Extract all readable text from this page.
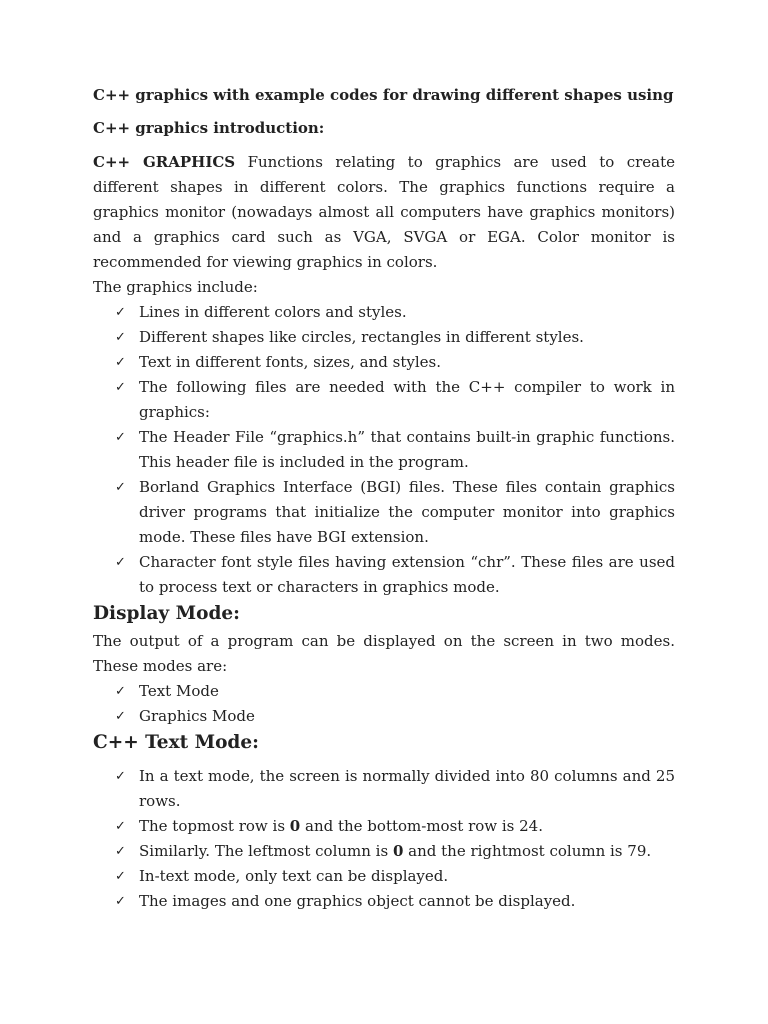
C++ graphics with example codes for drawing different shapes using
C++ graphics introduction:

C++ GRAPHICS Functions relating to graphics are used to create different shapes in different colors. The graphics functions require a graphics monitor (nowadays almost all computers have graphics monitors) and a graphics card such as VGA, SVGA or EGA. Color monitor is recommended for viewing graphics in colors.

The graphics include:

✓ Lines in different colors and styles.
✓ Different shapes like circles, rectangles in different styles.
✓ Text in different fonts, sizes, and styles.
✓ The following files are needed with the C++ compiler to work in graphics:
✓ The Header File “graphics.h” that contains built-in graphic functions. This header file is included in the program.
✓ Borland Graphics Interface (BGI) files. These files contain graphics driver programs that initialize the computer monitor into graphics mode. These files have BGI extension.
✓ Character font style files having extension “chr”. These files are used to process text or characters in graphics mode.
Display Mode:

The output of a program can be displayed on the screen in two modes. These modes are:

✓ Text Mode
✓ Graphics Mode
C++ Text Mode:
✓ In a text mode, the screen is normally divided into 80 columns and 25 rows.
✓ The topmost row is 0 and the bottom-most row is 24.
✓ Similarly. The leftmost column is 0 and the rightmost column is 79.
✓ In-text mode, only text can be displayed.
✓ The images and one graphics object cannot be displayed.
